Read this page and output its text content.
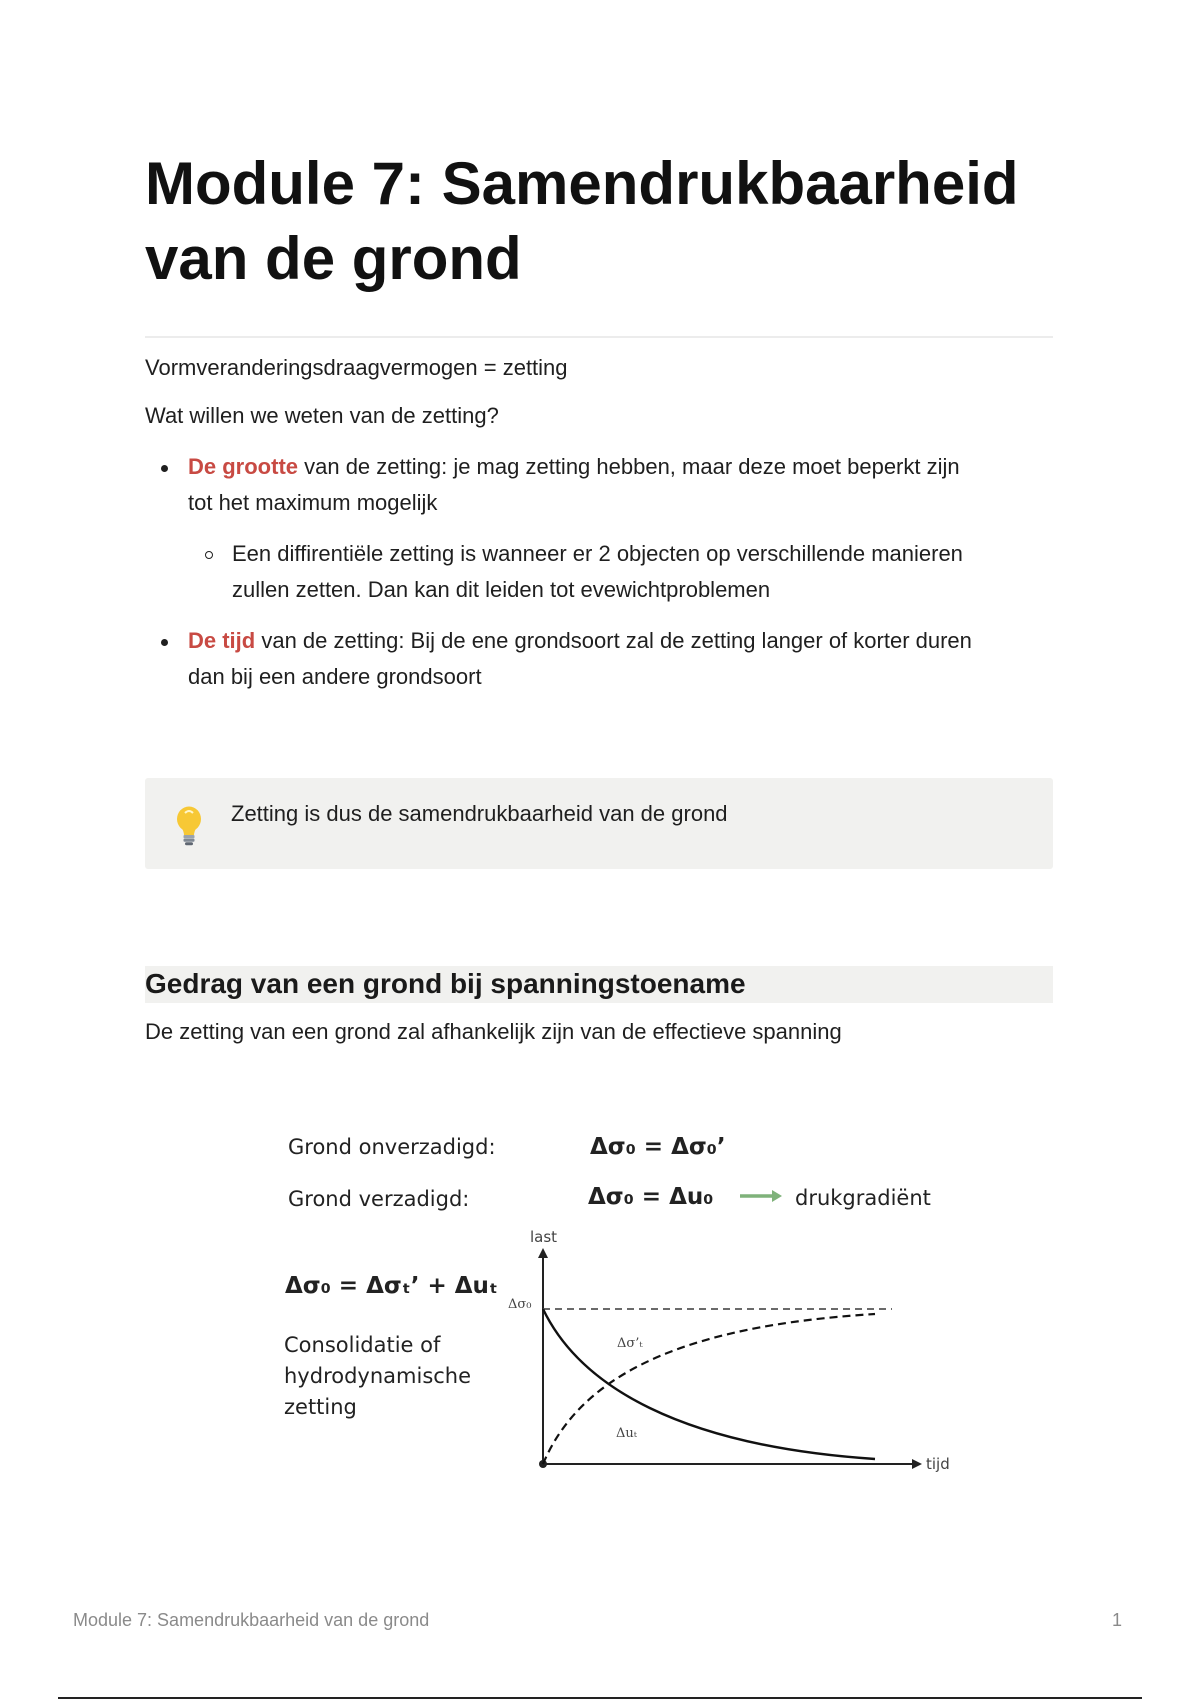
Module 7: Samendrukbaarheid van de grond

Vormveranderingsdraagvermogen = zetting

Wat willen we weten van de zetting?

De grootte van de zetting: je mag zetting hebben, maar deze moet beperkt zijn

tot het maximum mogelijk

Een diffirentiële zetting is wanneer er 2 objecten op verschillende manieren

zullen zetten. Dan kan dit leiden tot evewichtproblemen

De tijd van de zetting: Bij de ene grondsoort zal de zetting langer of korter duren

dan bij een andere grondsoort

Zetting is dus de samendrukbaarheid van de grond

Gedrag van een grond bij spanningstoename

De zetting van een grond zal afhankelijk zijn van de effectieve spanning

Grond onverzadigd:	Δσ₀ = Δσ₀’
Grond verzadigd:	Δσ₀ = Δu₀	drukgradiënt
Δσ₀ = Δσₜ’ + Δuₜ
Consolidatie of
hydrodynamische
zetting
last
tijd
Δσ₀
Δσ’ₜ
Δuₜ
Module 7: Samendrukbaarheid van de grond	1
